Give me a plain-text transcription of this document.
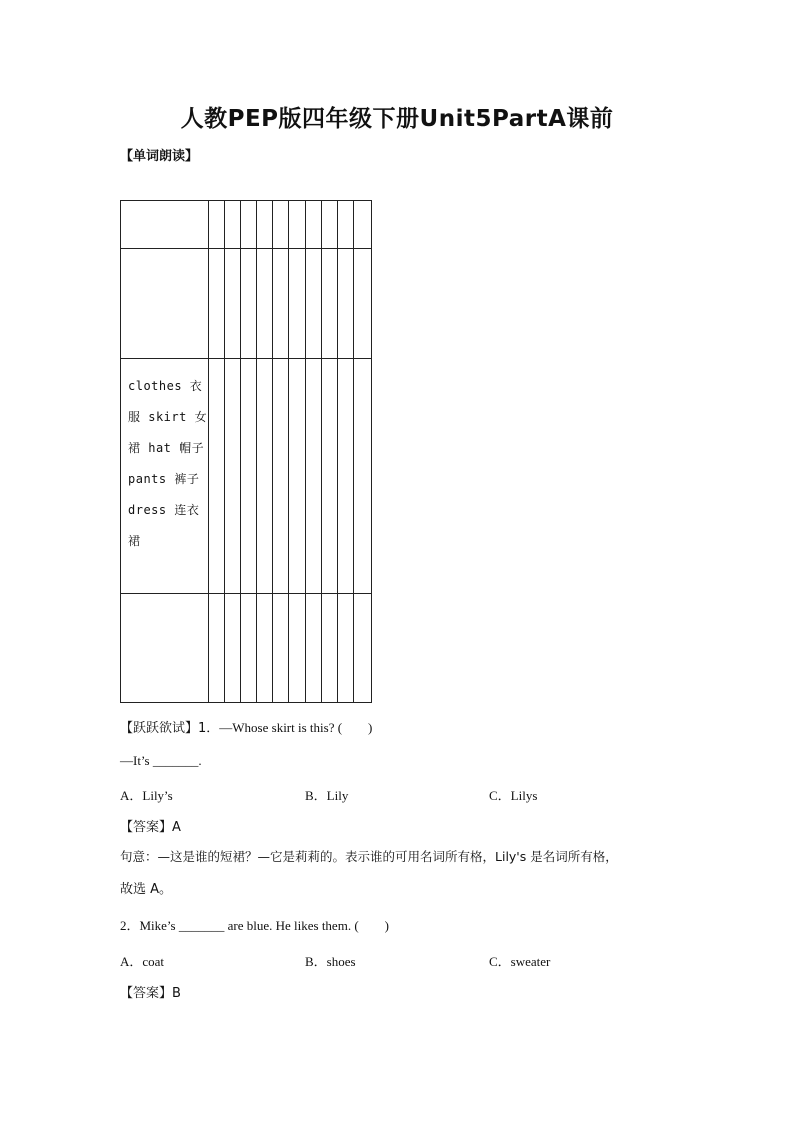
人教PEP版四年级下册Unit5PartA课前
【单词朗读】
clothes 衣服 skirt 女裙 hat 帽子 pants 裤子 dress 连衣裙
【跃跃欲试】1．—Whose skirt is this? (　　)
—It’s _______.
A．Lily’s	B．Lily	C．Lilys
【答案】A
句意：—这是谁的短裙？—它是莉莉的。表示谁的可用名词所有格，Lily's 是名词所有格，
故选 A。
2．Mike’s _______ are blue. He likes them. (　　)
A．coat	B．shoes	C．sweater
【答案】B
